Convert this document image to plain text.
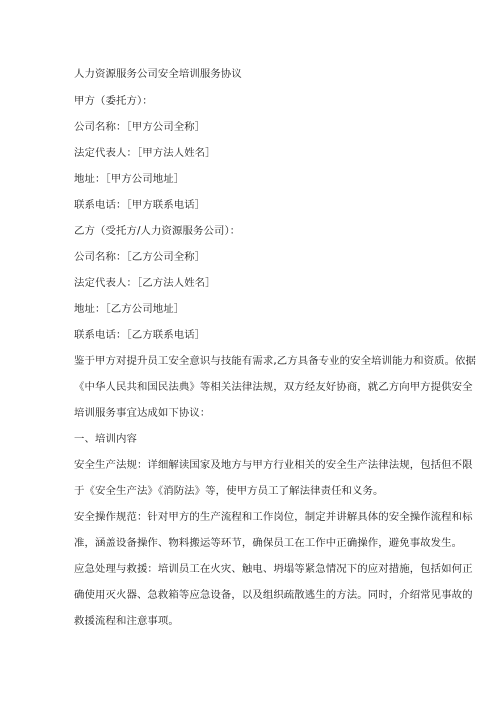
人力资源服务公司安全培训服务协议
甲方（委托方）：
公司名称：［甲方公司全称］
法定代表人：［甲方法人姓名］
地址：［甲方公司地址］
联系电话：［甲方联系电话］
乙方（受托方/人力资源服务公司）：
公司名称：［乙方公司全称］
法定代表人：［乙方法人姓名］
地址：［乙方公司地址］
联系电话：［乙方联系电话］
鉴于甲方对提升员工安全意识与技能有需求,乙方具备专业的安全培训能力和资质。依据
《中华人民共和国民法典》等相关法律法规，双方经友好协商，就乙方向甲方提供安全
培训服务事宜达成如下协议：
一、培训内容
安全生产法规：详细解读国家及地方与甲方行业相关的安全生产法律法规，包括但不限
于《安全生产法》《消防法》等，使甲方员工了解法律责任和义务。
安全操作规范：针对甲方的生产流程和工作岗位，制定并讲解具体的安全操作流程和标
准，涵盖设备操作、物料搬运等环节，确保员工在工作中正确操作，避免事故发生。
应急处理与救援：培训员工在火灾、触电、坍塌等紧急情况下的应对措施，包括如何正
确使用灭火器、急救箱等应急设备，以及组织疏散逃生的方法。同时，介绍常见事故的
救援流程和注意事项。
